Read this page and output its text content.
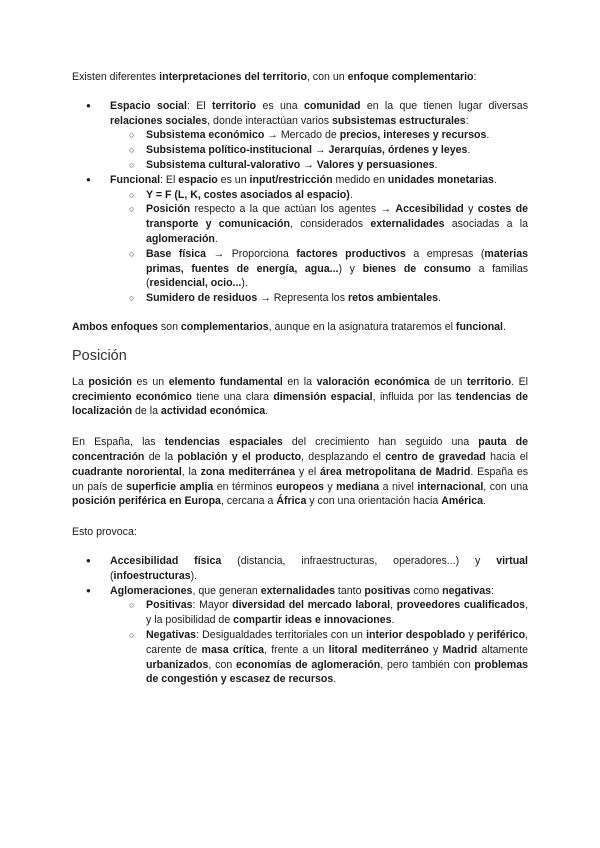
Existen diferentes interpretaciones del territorio, con un enfoque complementario:

● Espacio social: El territorio es una comunidad en la que tienen lugar diversas relaciones sociales, donde interactúan varios subsistemas estructurales:
○ Subsistema económico → Mercado de precios, intereses y recursos.
○ Subsistema político-institucional → Jerarquías, órdenes y leyes.
○ Subsistema cultural-valorativo → Valores y persuasiones.
● Funcional: El espacio es un input/restricción medido en unidades monetarias.
○ Y = F (L, K, costes asociados al espacio).
○ Posición respecto a la que actúan los agentes → Accesibilidad y costes de transporte y comunicación, considerados externalidades asociadas a la aglomeración.
○ Base física → Proporciona factores productivos a empresas (materias primas, fuentes de energía, agua...) y bienes de consumo a familias (residencial, ocio...).
○ Sumidero de residuos → Representa los retos ambientales.

Ambos enfoques son complementarios, aunque en la asignatura trataremos el funcional.

Posición

La posición es un elemento fundamental en la valoración económica de un territorio. El crecimiento económico tiene una clara dimensión espacial, influida por las tendencias de localización de la actividad económica.

En España, las tendencias espaciales del crecimiento han seguido una pauta de concentración de la población y el producto, desplazando el centro de gravedad hacia el cuadrante nororiental, la zona mediterránea y el área metropolitana de Madrid. España es un país de superficie amplia en términos europeos y mediana a nivel internacional, con una posición periférica en Europa, cercana a África y con una orientación hacia América.

Esto provoca:

● Accesibilidad física (distancia, infraestructuras, operadores...) y virtual (infoestructuras).
● Aglomeraciones, que generan externalidades tanto positivas como negativas:
○ Positivas: Mayor diversidad del mercado laboral, proveedores cualificados, y la posibilidad de compartir ideas e innovaciones.
○ Negativas: Desigualdades territoriales con un interior despoblado y periférico, carente de masa crítica, frente a un litoral mediterráneo y Madrid altamente urbanizados, con economías de aglomeración, pero también con problemas de congestión y escasez de recursos.
